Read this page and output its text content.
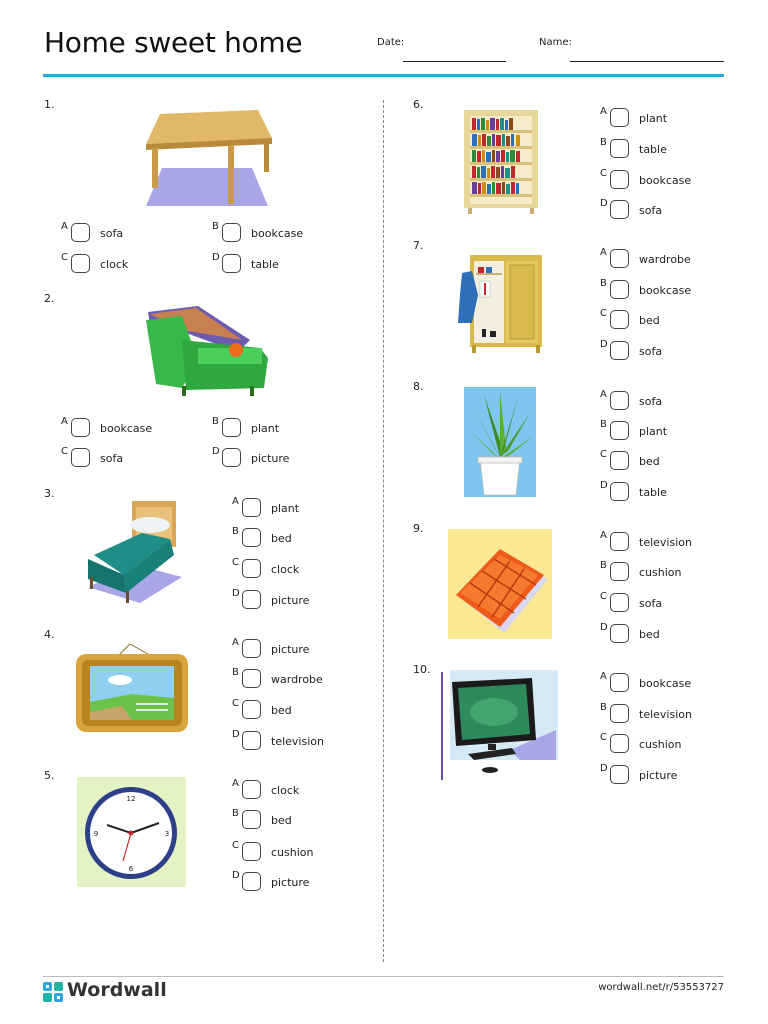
Home sweet home	Date:	Name:
1.
A
sofa
B
bookcase
C
clock
D
table
2.
A
bookcase
B
plant
C
sofa
D
picture
3.
A
plant
B
bed
C
clock
D
picture
4.
A
picture
B
wardrobe
C
bed
D
television
5.
12
3
6
9
A
clock
B
bed
C
cushion
D
picture
6.
A
plant
B
table
C
bookcase
D
sofa
7.
A
wardrobe
B
bookcase
C
bed
D
sofa
8.
A
sofa
B
plant
C
bed
D
table
9.
A
television
B
cushion
C
sofa
D
bed
10.
A
bookcase
B
television
C
cushion
D
picture
Wordwall	wordwall.net/r/53553727
